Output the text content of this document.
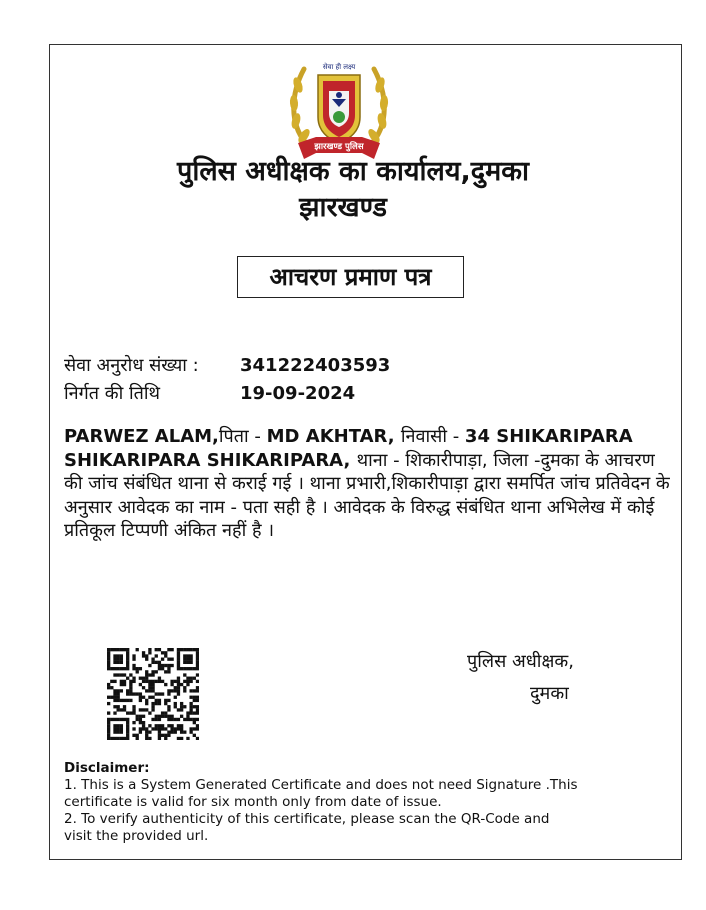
सेवा ही लक्ष्य
झारखण्ड पुलिस
पुलिस अधीक्षक का कार्यालय,दुमका
झारखण्ड
आचरण प्रमाण पत्र
सेवा अनुरोध संख्या : 341222403593
निर्गत की तिथि	19-09-2024
PARWEZ ALAM,पिता - MD AKHTAR, निवासी - 34 SHIKARIPARA SHIKARIPARA SHIKARIPARA, थाना - शिकारीपाड़ा, जिला -दुमका के आचरण की जांच संबंधित थाना से कराई गई । थाना प्रभारी,शिकारीपाड़ा द्वारा समर्पित जांच प्रतिवेदन के अनुसार आवेदक का नाम - पता सही है । आवेदक के विरुद्ध संबंधित थाना अभिलेख में कोई प्रतिकूल टिप्पणी अंकित नहीं है ।
पुलिस अधीक्षक,
दुमका
Disclaimer:
1. This is a System Generated Certificate and does not need Signature .This
certificate is valid for six month only from date of issue.
2. To verify authenticity of this certificate, please scan the QR-Code and
visit the provided url.
